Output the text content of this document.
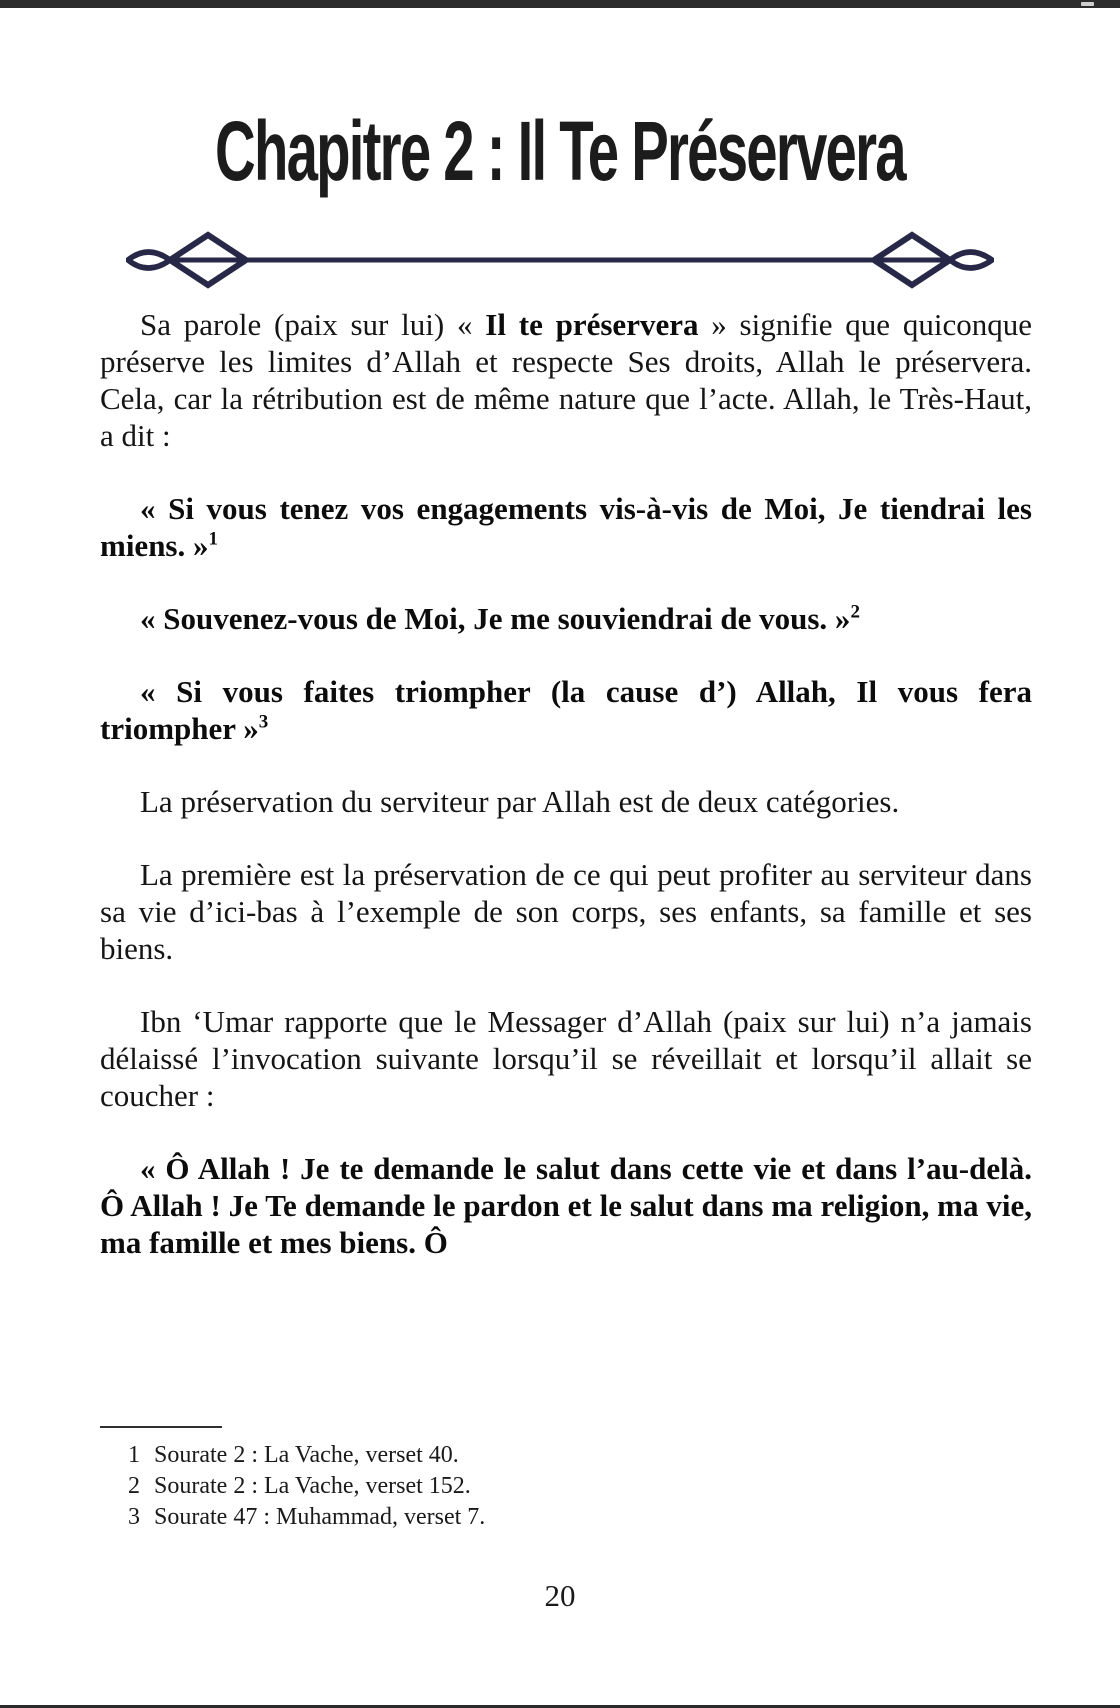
Chapitre 2 : Il Te Préservera

Sa parole (paix sur lui) « Il te préservera » signifie que quiconque préserve les limites d’Allah et respecte Ses droits, Allah le préservera. Cela, car la rétribution est de même nature que l’acte. Allah, le Très-Haut, a dit :

« Si vous tenez vos engagements vis-à-vis de Moi, Je tiendrai les miens. »$^1$

« Souvenez-vous de Moi, Je me souviendrai de vous. »$^2$

« Si vous faites triompher (la cause d’) Allah, Il vous fera triompher »$^3$

La préservation du serviteur par Allah est de deux catégories.

La première est la préservation de ce qui peut profiter au serviteur dans sa vie d’ici-bas à l’exemple de son corps, ses enfants, sa famille et ses biens.

Ibn ‘Umar rapporte que le Messager d’Allah (paix sur lui) n’a jamais délaissé l’invocation suivante lorsqu’il se réveillait et lorsqu’il allait se coucher :

« Ô Allah ! Je te demande le salut dans cette vie et dans l’au-delà. Ô Allah ! Je Te demande le pardon et le salut dans ma religion, ma vie, ma famille et mes biens. Ô

1 Sourate 2 : La Vache, verset 40.
2 Sourate 2 : La Vache, verset 152.
3 Sourate 47 : Muhammad, verset 7.
20
